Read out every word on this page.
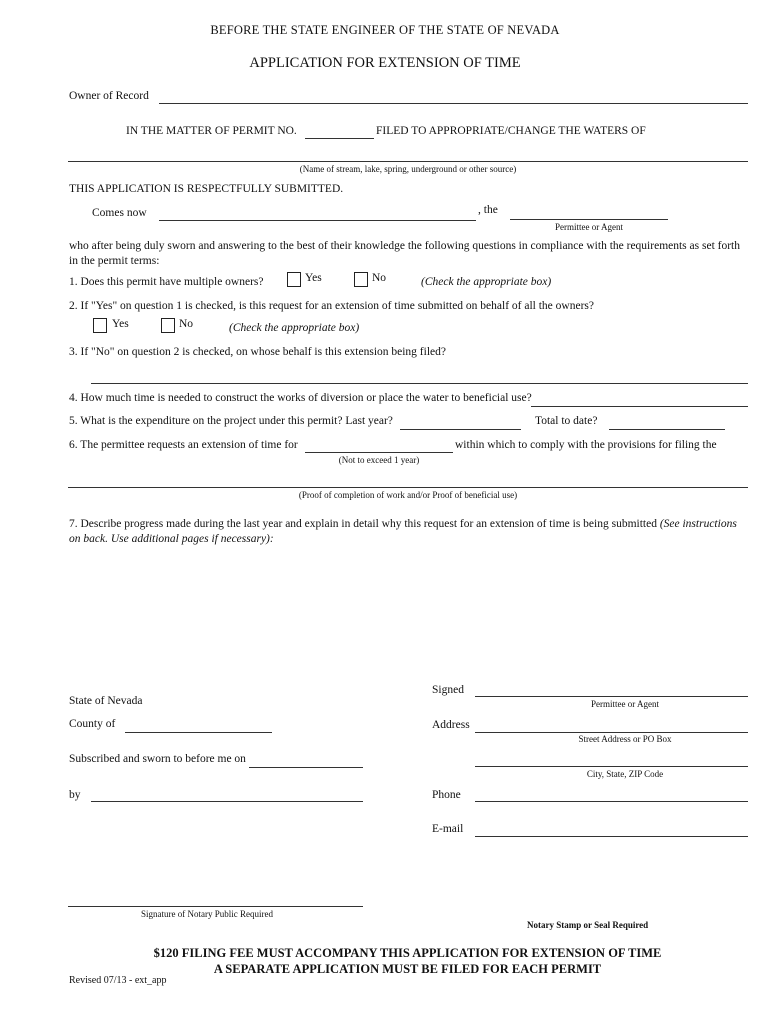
BEFORE THE STATE ENGINEER OF THE STATE OF NEVADA
APPLICATION FOR EXTENSION OF TIME
Owner of Record
IN THE MATTER OF PERMIT NO.	FILED TO APPROPRIATE/CHANGE THE WATERS OF
(Name of stream, lake, spring, underground or other source)
THIS APPLICATION IS RESPECTFULLY SUBMITTED.
Comes now	, the
Permittee or Agent
who after being duly sworn and answering to the best of their knowledge the following questions in compliance with the requirements as set forth in the permit terms:
1. Does this permit have multiple owners?	Yes	No	(Check the appropriate box)
2. If "Yes" on question 1 is checked, is this request for an extension of time submitted on behalf of all the owners?
Yes	No	(Check the appropriate box)
3. If "No" on question 2 is checked, on whose behalf is this extension being filed?
4. How much time is needed to construct the works of diversion or place the water to beneficial use?
5. What is the expenditure on the project under this permit? Last year?	Total to date?
6. The permittee requests an extension of time for	within which to comply with the provisions for filing the
(Not to exceed 1 year)
(Proof of completion of work and/or Proof of beneficial use)
7. Describe progress made during the last year and explain in detail why this request for an extension of time is being submitted (See instructions on back. Use additional pages if necessary):
State of Nevada
County of
Subscribed and sworn to before me on
by
Signed
Permittee or Agent
Address
Street Address or PO Box
City, State, ZIP Code
Phone
E-mail
Signature of Notary Public Required
Notary Stamp or Seal Required
$120 FILING FEE MUST ACCOMPANY THIS APPLICATION FOR EXTENSION OF TIME
A SEPARATE APPLICATION MUST BE FILED FOR EACH PERMIT
Revised 07/13 - ext_app
